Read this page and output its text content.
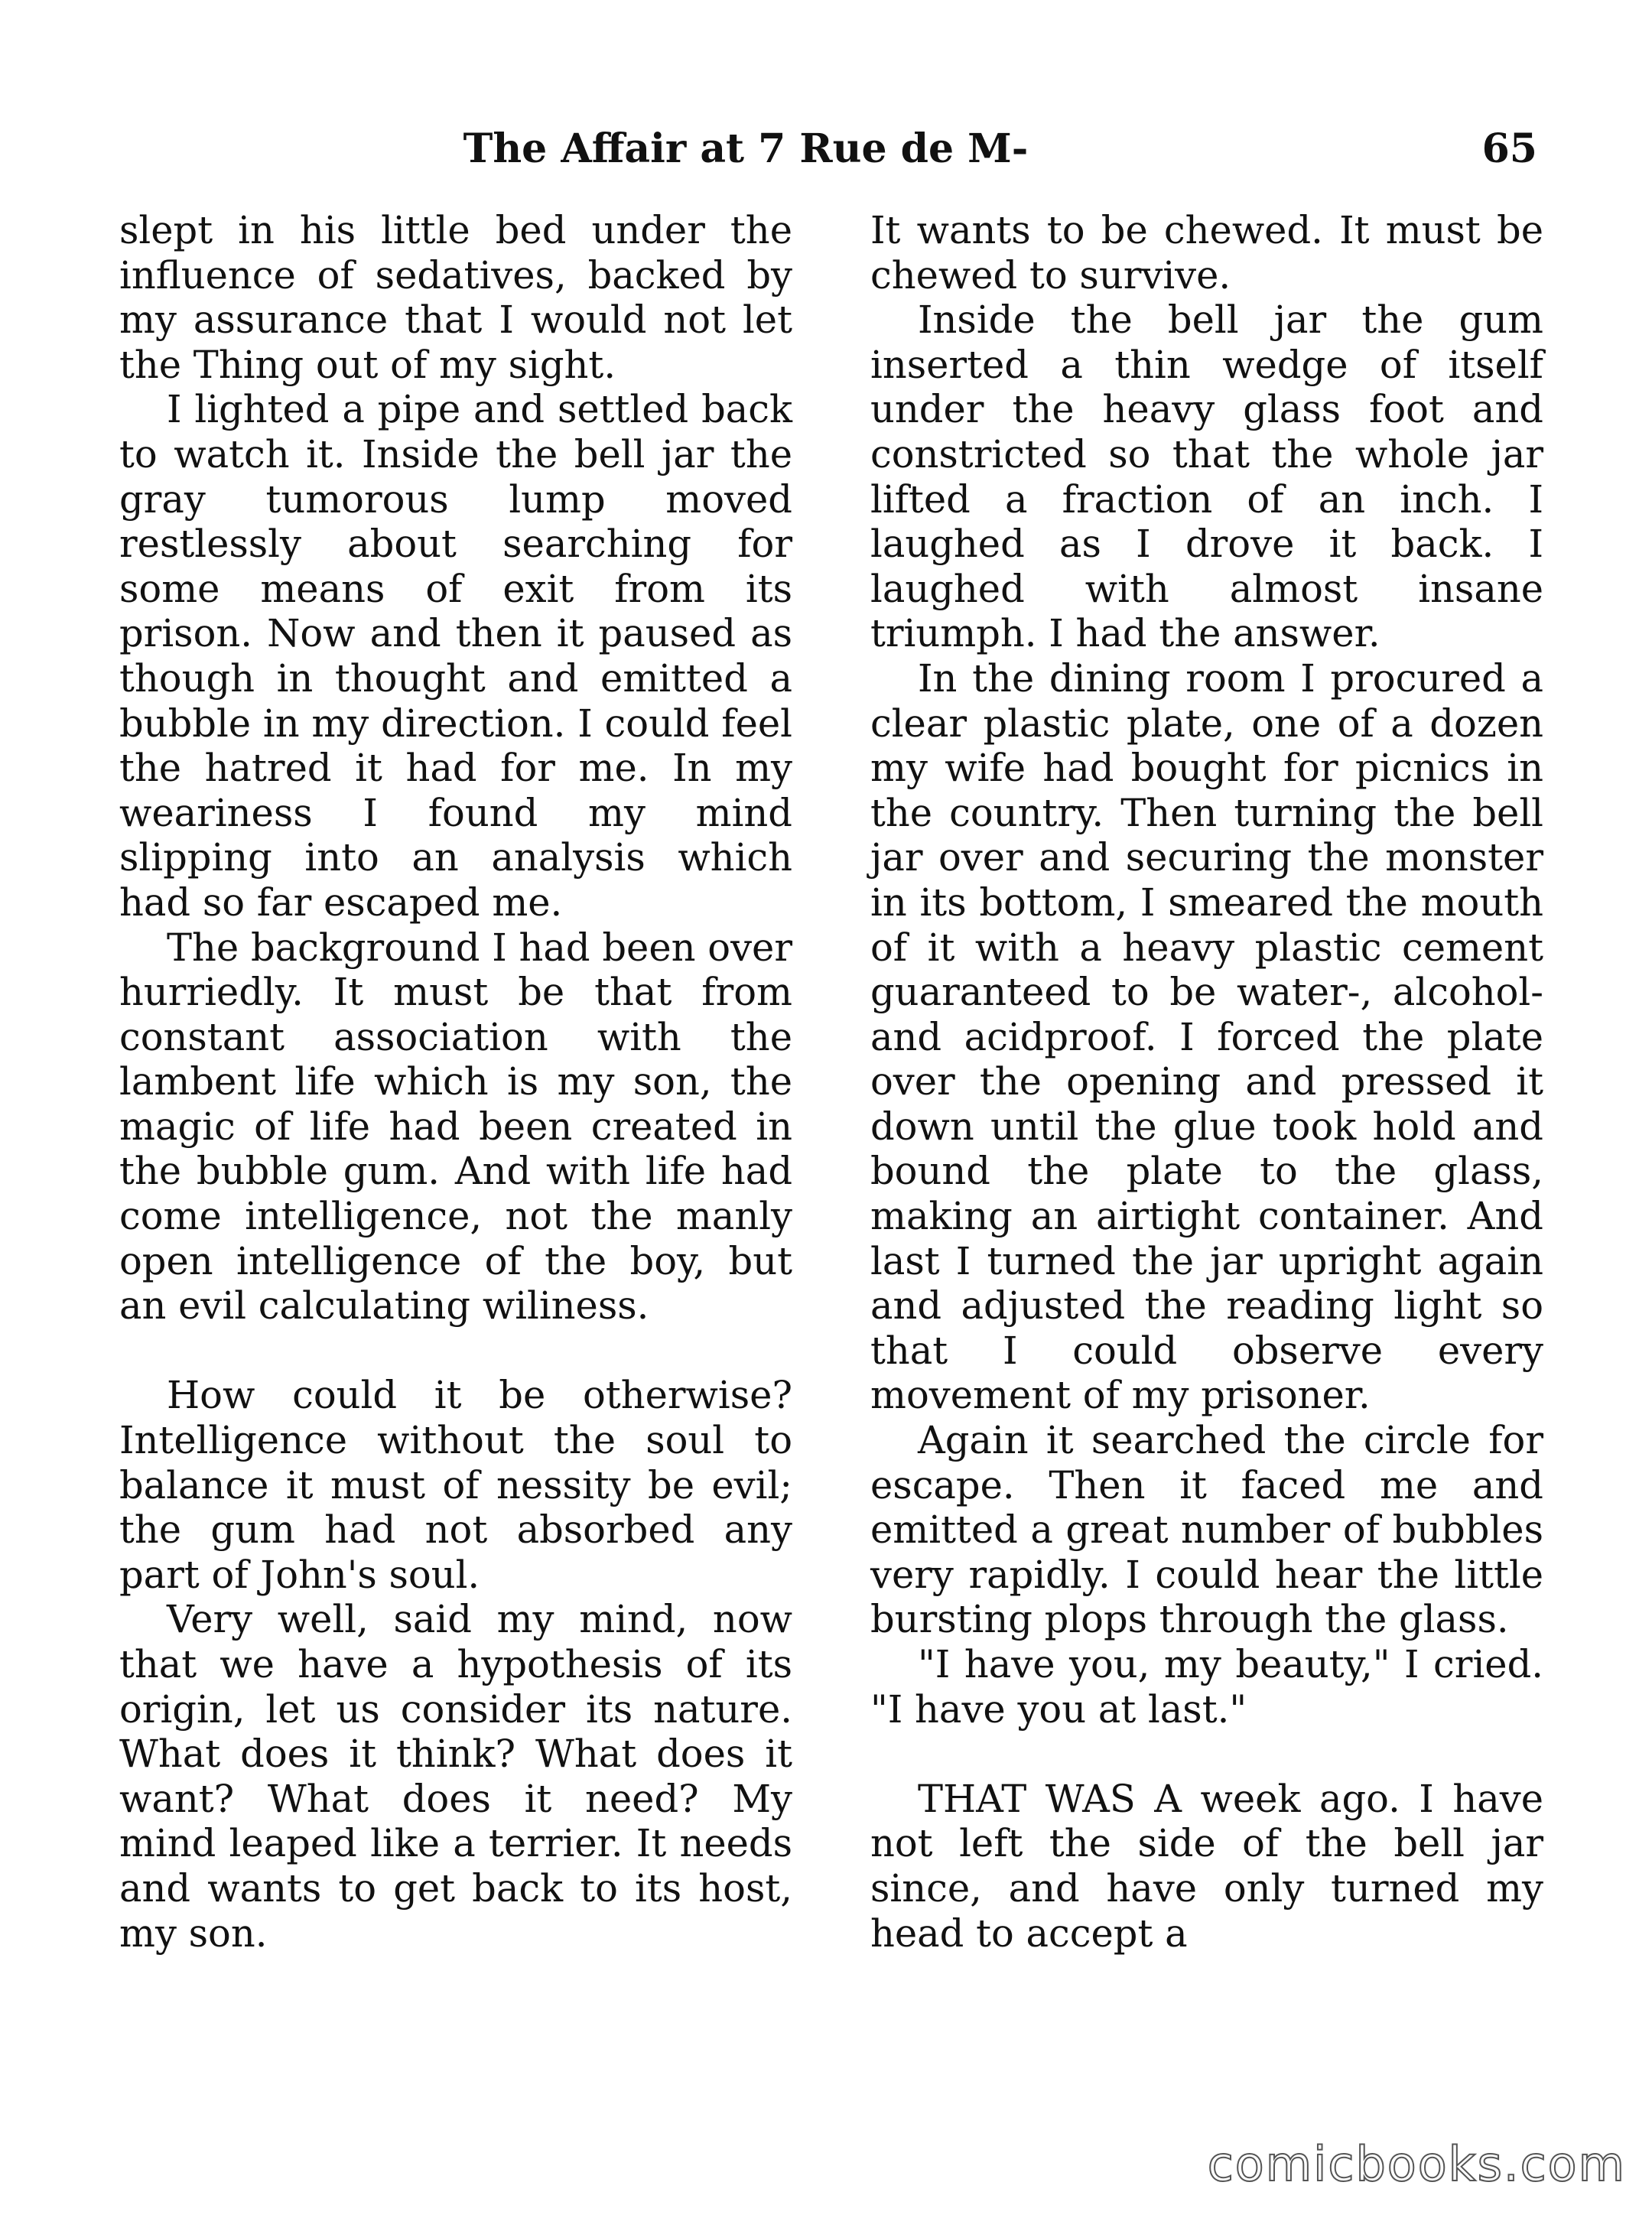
The Affair at 7 Rue de M-	65

slept in his little bed under the influence of sedatives, backed by my assurance that I would not let the Thing out of my sight.

I lighted a pipe and settled back to watch it. Inside the bell jar the gray tumorous lump moved restlessly about searching for some means of exit from its prison. Now and then it paused as though in thought and emitted a bubble in my direction. I could feel the hatred it had for me. In my weariness I found my mind slipping into an analysis which had so far escaped me.

The background I had been over hurriedly. It must be that from constant association with the lambent life which is my son, the magic of life had been created in the bubble gum. And with life had come intelligence, not the manly open intelligence of the boy, but an evil calculating wiliness.

How could it be otherwise? Intelligence without the soul to balance it must of nessity be evil; the gum had not absorbed any part of John's soul.

Very well, said my mind, now that we have a hypothesis of its origin, let us consider its nature. What does it think? What does it want? What does it need? My mind leaped like a terrier. It needs and wants to get back to its host, my son.

It wants to be chewed. It must be chewed to survive.

Inside the bell jar the gum inserted a thin wedge of itself under the heavy glass foot and constricted so that the whole jar lifted a fraction of an inch. I laughed as I drove it back. I laughed with almost insane triumph. I had the answer.

In the dining room I procured a clear plastic plate, one of a dozen my wife had bought for picnics in the country. Then turning the bell jar over and securing the monster in its bottom, I smeared the mouth of it with a heavy plastic cement guaranteed to be water-, alcohol- and acidproof. I forced the plate over the opening and pressed it down until the glue took hold and bound the plate to the glass, making an airtight container. And last I turned the jar upright again and adjusted the reading light so that I could observe every movement of my prisoner.

Again it searched the circle for escape. Then it faced me and emitted a great number of bubbles very rapidly. I could hear the little bursting plops through the glass.

"I have you, my beauty," I cried. "I have you at last."

THAT WAS A week ago. I have not left the side of the bell jar since, and have only turned my head to accept a

comicbooks.com
